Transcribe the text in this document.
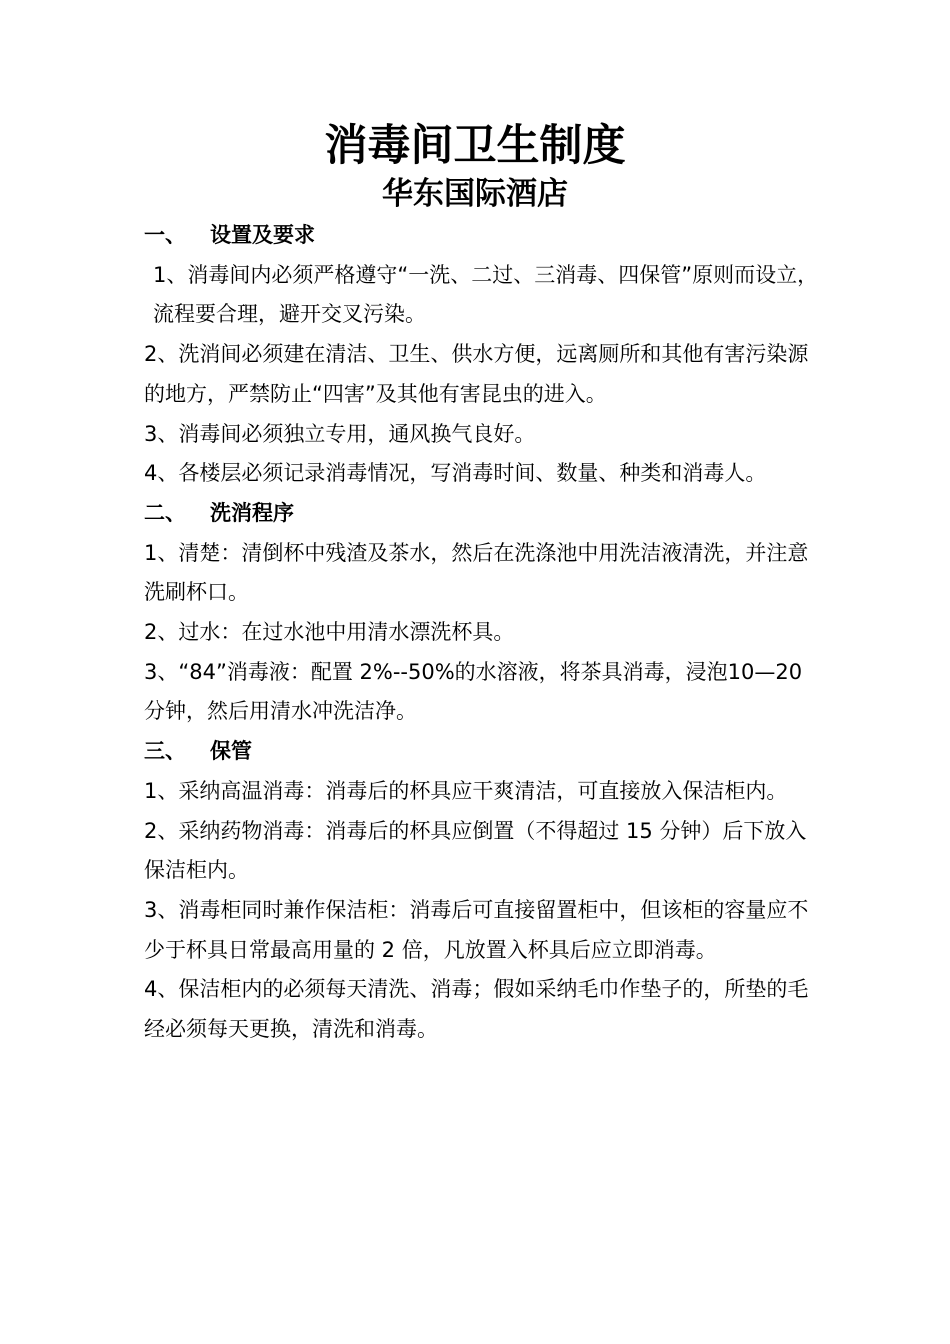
消毒间卫生制度
华东国际酒店
一、	设置及要求

1、消毒间内必须严格遵守“一洗、二过、三消毒、四保管”原则而设立，流程要合理，避开交叉污染。

2、洗消间必须建在清洁、卫生、供水方便，远离厕所和其他有害污染源的地方，严禁防止“四害”及其他有害昆虫的进入。

3、消毒间必须独立专用，通风换气良好。

4、各楼层必须记录消毒情况，写消毒时间、数量、种类和消毒人。

二、	洗消程序

1、清楚：清倒杯中残渣及茶水，然后在洗涤池中用洗洁液清洗，并注意洗刷杯口。

2、过水：在过水池中用清水漂洗杯具。

3、“84”消毒液：配置 2%--50%的水溶液，将茶具消毒，浸泡10—20 分钟，然后用清水冲洗洁净。

三、	保管

1、采纳高温消毒：消毒后的杯具应干爽清洁，可直接放入保洁柜内。

2、采纳药物消毒：消毒后的杯具应倒置（不得超过 15 分钟）后下放入保洁柜内。

3、消毒柜同时兼作保洁柜：消毒后可直接留置柜中，但该柜的容量应不少于杯具日常最高用量的 2 倍，凡放置入杯具后应立即消毒。

4、保洁柜内的必须每天清洗、消毒；假如采纳毛巾作垫子的，所垫的毛经必须每天更换，清洗和消毒。
